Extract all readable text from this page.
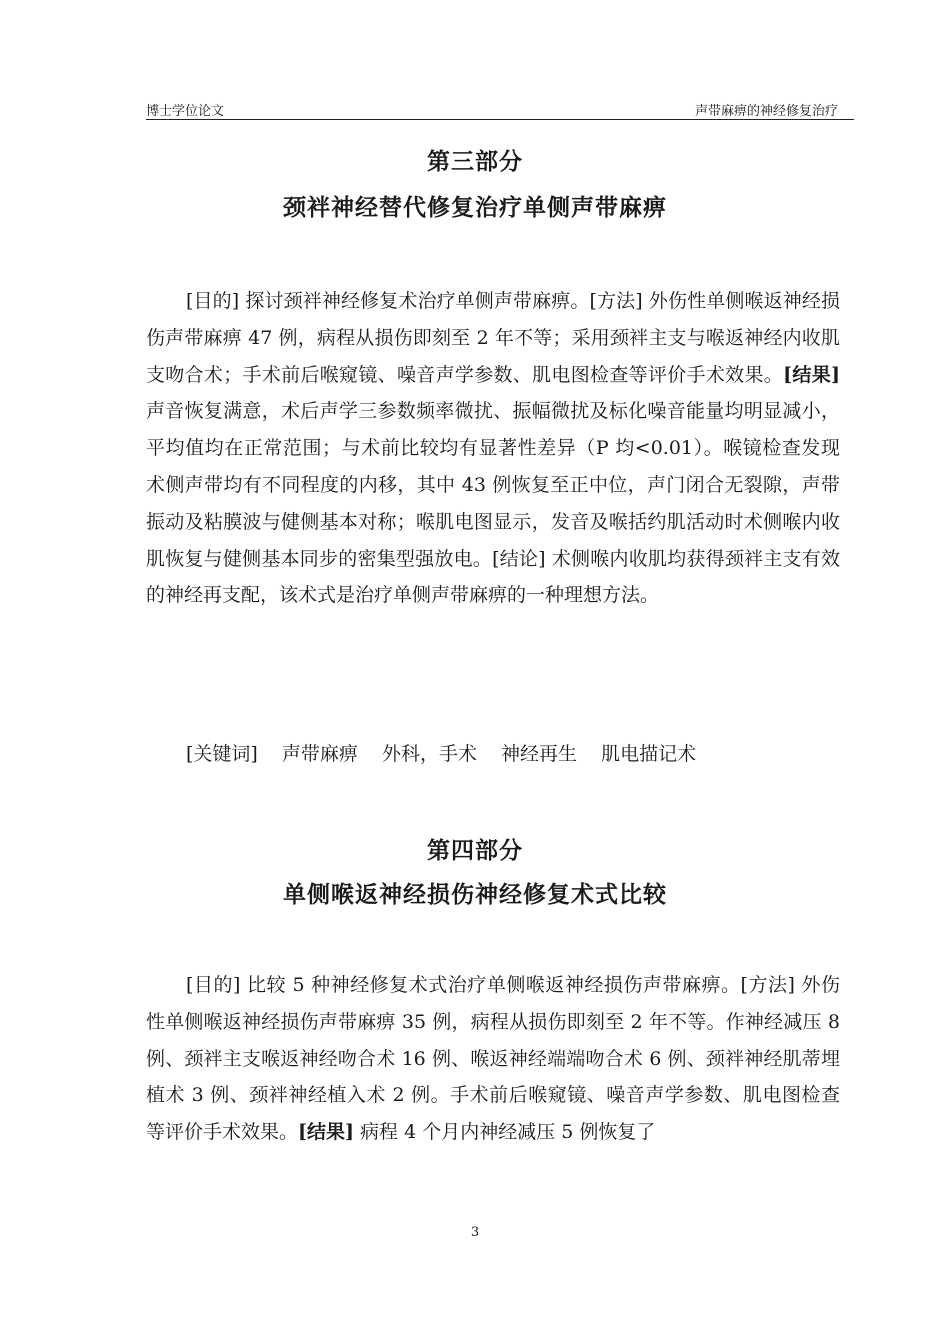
博士学位论文	声带麻痹的神经修复治疗
第三部分
颈袢神经替代修复治疗单侧声带麻痹

[目的] 探讨颈袢神经修复术治疗单侧声带麻痹。[方法] 外伤性单侧喉返神经损伤声带麻痹 47 例，病程从损伤即刻至 2 年不等；采用颈袢主支与喉返神经内收肌支吻合术；手术前后喉窥镜、噪音声学参数、肌电图检查等评价手术效果。[结果] 声音恢复满意，术后声学三参数频率微扰、振幅微扰及标化噪音能量均明显减小，平均值均在正常范围；与术前比较均有显著性差异（P 均<0.01）。喉镜检查发现术侧声带均有不同程度的内移，其中 43 例恢复至正中位，声门闭合无裂隙，声带振动及粘膜波与健侧基本对称；喉肌电图显示，发音及喉括约肌活动时术侧喉内收肌恢复与健侧基本同步的密集型强放电。[结论] 术侧喉内收肌均获得颈袢主支有效的神经再支配，该术式是治疗单侧声带麻痹的一种理想方法。

[关键词] 声带麻痹 外科，手术 神经再生 肌电描记术
第四部分
单侧喉返神经损伤神经修复术式比较

[目的] 比较 5 种神经修复术式治疗单侧喉返神经损伤声带麻痹。[方法] 外伤性单侧喉返神经损伤声带麻痹 35 例，病程从损伤即刻至 2 年不等。作神经减压 8 例、颈袢主支喉返神经吻合术 16 例、喉返神经端端吻合术 6 例、颈袢神经肌蒂埋植术 3 例、颈袢神经植入术 2 例。手术前后喉窥镜、噪音声学参数、肌电图检查等评价手术效果。[结果] 病程 4 个月内神经减压 5 例恢复了

3
